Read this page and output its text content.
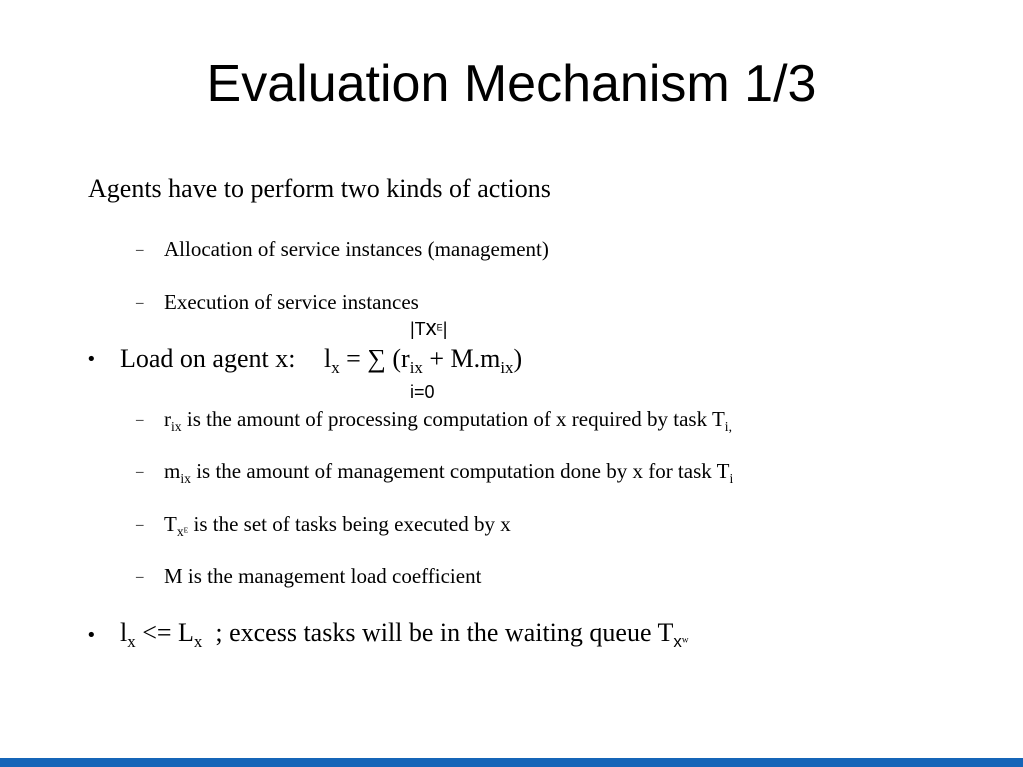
Evaluation Mechanism 1/3
Agents have to perform two kinds of actions
– Allocation of service instances (management)
– Execution of service instances
• Load on agent x: $l_x$ = ∑ $(r_{ix} + M.m_{ix})$
$|Tx^E|$
i=0
– $r_{ix}$ is the amount of processing computation of x required by task $T_{i,}$
– $m_{ix}$ is the amount of management computation done by x for task $T_i$
– $T_{x^E}$ is the set of tasks being executed by x
– M is the management load coefficient
• $l_x <= L_x$  ; excess tasks will be in the waiting queue $T_{x^w}$
